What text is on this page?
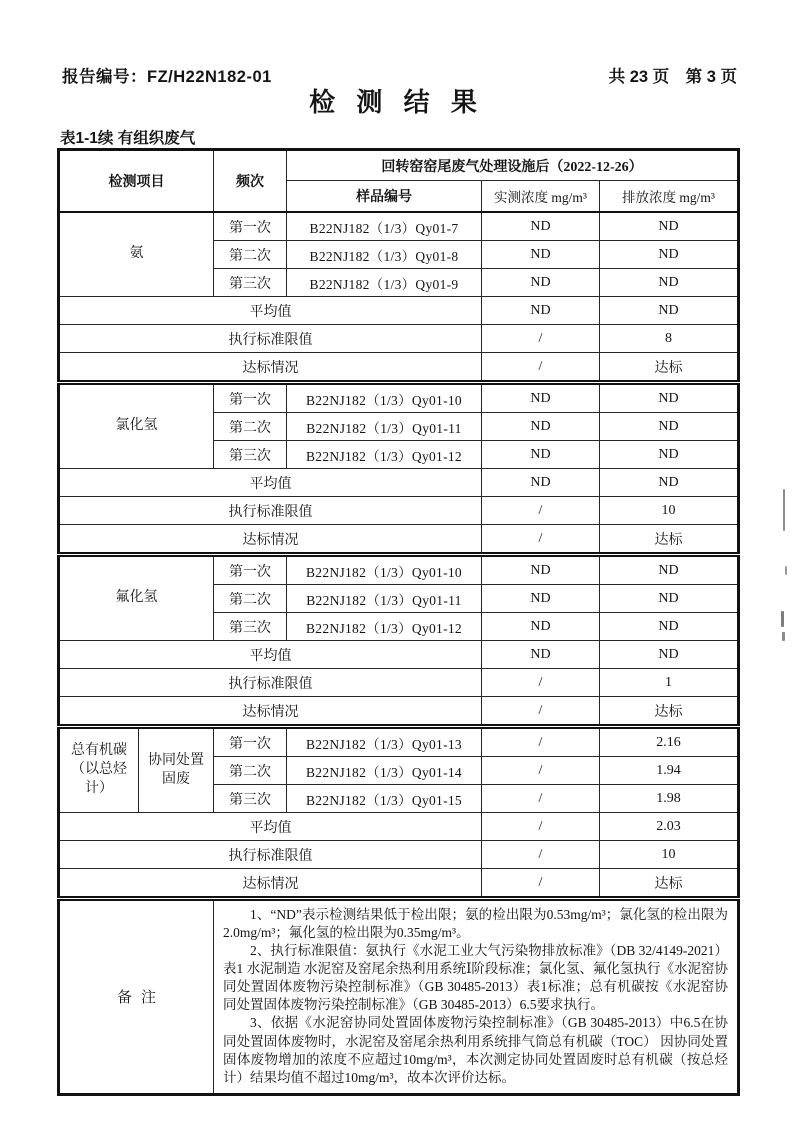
报告编号：FZ/H22N182-01	共 23 页　第 3 页
检 测 结 果
表1-1续 有组织废气
检测项目		频次	回转窑窑尾废气处理设施后（2022-12-26）		
			样品编号	实测浓度 mg/m³	排放浓度 mg/m³
氨		第一次	B22NJ182（1/3）Qy01-7	ND	ND
		第二次	B22NJ182（1/3）Qy01-8	ND	ND
		第三次	B22NJ182（1/3）Qy01-9	ND	ND
平均值				ND	ND
执行标准限值				/	8
达标情况				/	达标
氯化氢		第一次	B22NJ182（1/3）Qy01-10	ND	ND
		第二次	B22NJ182（1/3）Qy01-11	ND	ND
		第三次	B22NJ182（1/3）Qy01-12	ND	ND
平均值				ND	ND
执行标准限值				/	10
达标情况				/	达标
氟化氢		第一次	B22NJ182（1/3）Qy01-10	ND	ND
		第二次	B22NJ182（1/3）Qy01-11	ND	ND
		第三次	B22NJ182（1/3）Qy01-12	ND	ND
平均值				ND	ND
执行标准限值				/	1
达标情况				/	达标
总有机碳（以总烃计）	协同处置固废	第一次	B22NJ182（1/3）Qy01-13	/	2.16
		第二次	B22NJ182（1/3）Qy01-14	/	1.94
		第三次	B22NJ182（1/3）Qy01-15	/	1.98
平均值				/	2.03
执行标准限值				/	10
达标情况				/	达标
备注		1、“ND”表示检测结果低于检出限；氨的检出限为0.53mg/m³；氯化氢的检出限为2.0mg/m³；氟化氢的检出限为0.35mg/m³。

2、执行标准限值：氨执行《水泥工业大气污染物排放标准》（DB 32/4149-2021）表1 水泥制造 水泥窑及窑尾余热利用系统Ⅰ阶段标准；氯化氢、氟化氢执行《水泥窑协同处置固体废物污染控制标准》（GB 30485-2013）表1标准；总有机碳按《水泥窑协同处置固体废物污染控制标准》（GB 30485-2013）6.5要求执行。

3、依据《水泥窑协同处置固体废物污染控制标准》（GB 30485-2013）中6.5在协同处置固体废物时，水泥窑及窑尾余热利用系统排气筒总有机碳（TOC） 因协同处置固体废物增加的浓度不应超过10mg/m³，本次测定协同处置固废时总有机碳（按总烃计）结果均值不超过10mg/m³，故本次评价达标。			
